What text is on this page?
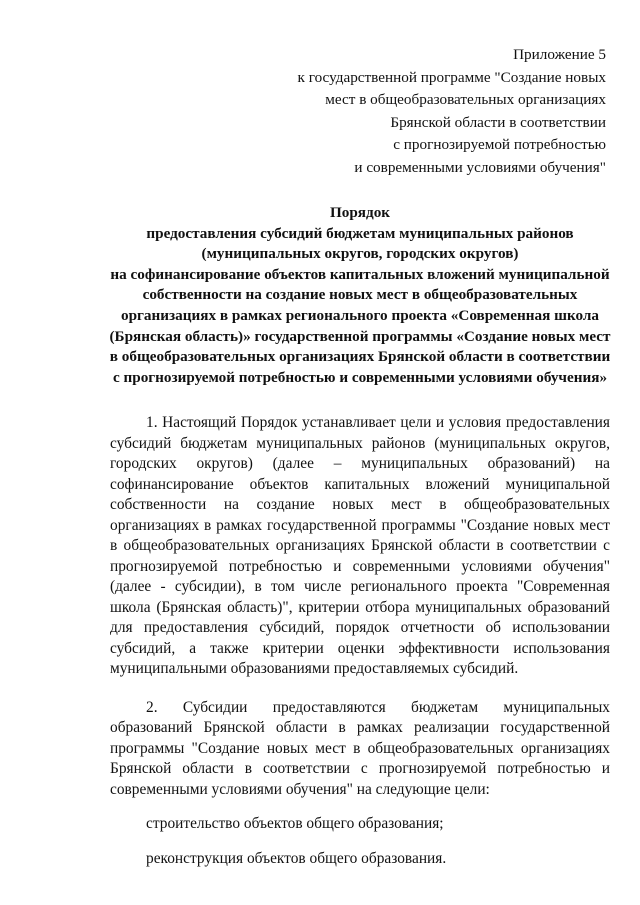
Приложение 5
к государственной программе "Создание новых
мест в общеобразовательных организациях
Брянской области в соответствии
с прогнозируемой потребностью
и современными условиями обучения"
Порядок
предоставления субсидий бюджетам муниципальных районов
(муниципальных округов, городских округов)
на софинансирование объектов капитальных вложений муниципальной
собственности на создание новых мест в общеобразовательных
организациях в рамках регионального проекта «Современная школа
(Брянская область)» государственной программы «Создание новых мест
в общеобразовательных организациях Брянской области в соответствии
с прогнозируемой потребностью и современными условиями обучения»

1. Настоящий Порядок устанавливает цели и условия предоставления субсидий бюджетам муниципальных районов (муниципальных округов, городских округов) (далее – муниципальных образований) на софинансирование объектов капитальных вложений муниципальной собственности на создание новых мест в общеобразовательных организациях в рамках государственной программы "Создание новых мест в общеобразовательных организациях Брянской области в соответствии с прогнозируемой потребностью и современными условиями обучения" (далее - субсидии), в том числе регионального проекта "Современная школа (Брянская область)", критерии отбора муниципальных образований для предоставления субсидий, порядок отчетности об использовании субсидий, а также критерии оценки эффективности использования муниципальными образованиями предоставляемых субсидий.

2. Субсидии предоставляются бюджетам муниципальных образований Брянской области в рамках реализации государственной программы "Создание новых мест в общеобразовательных организациях Брянской области в соответствии с прогнозируемой потребностью и современными условиями обучения" на следующие цели:

строительство объектов общего образования;

реконструкция объектов общего образования.
